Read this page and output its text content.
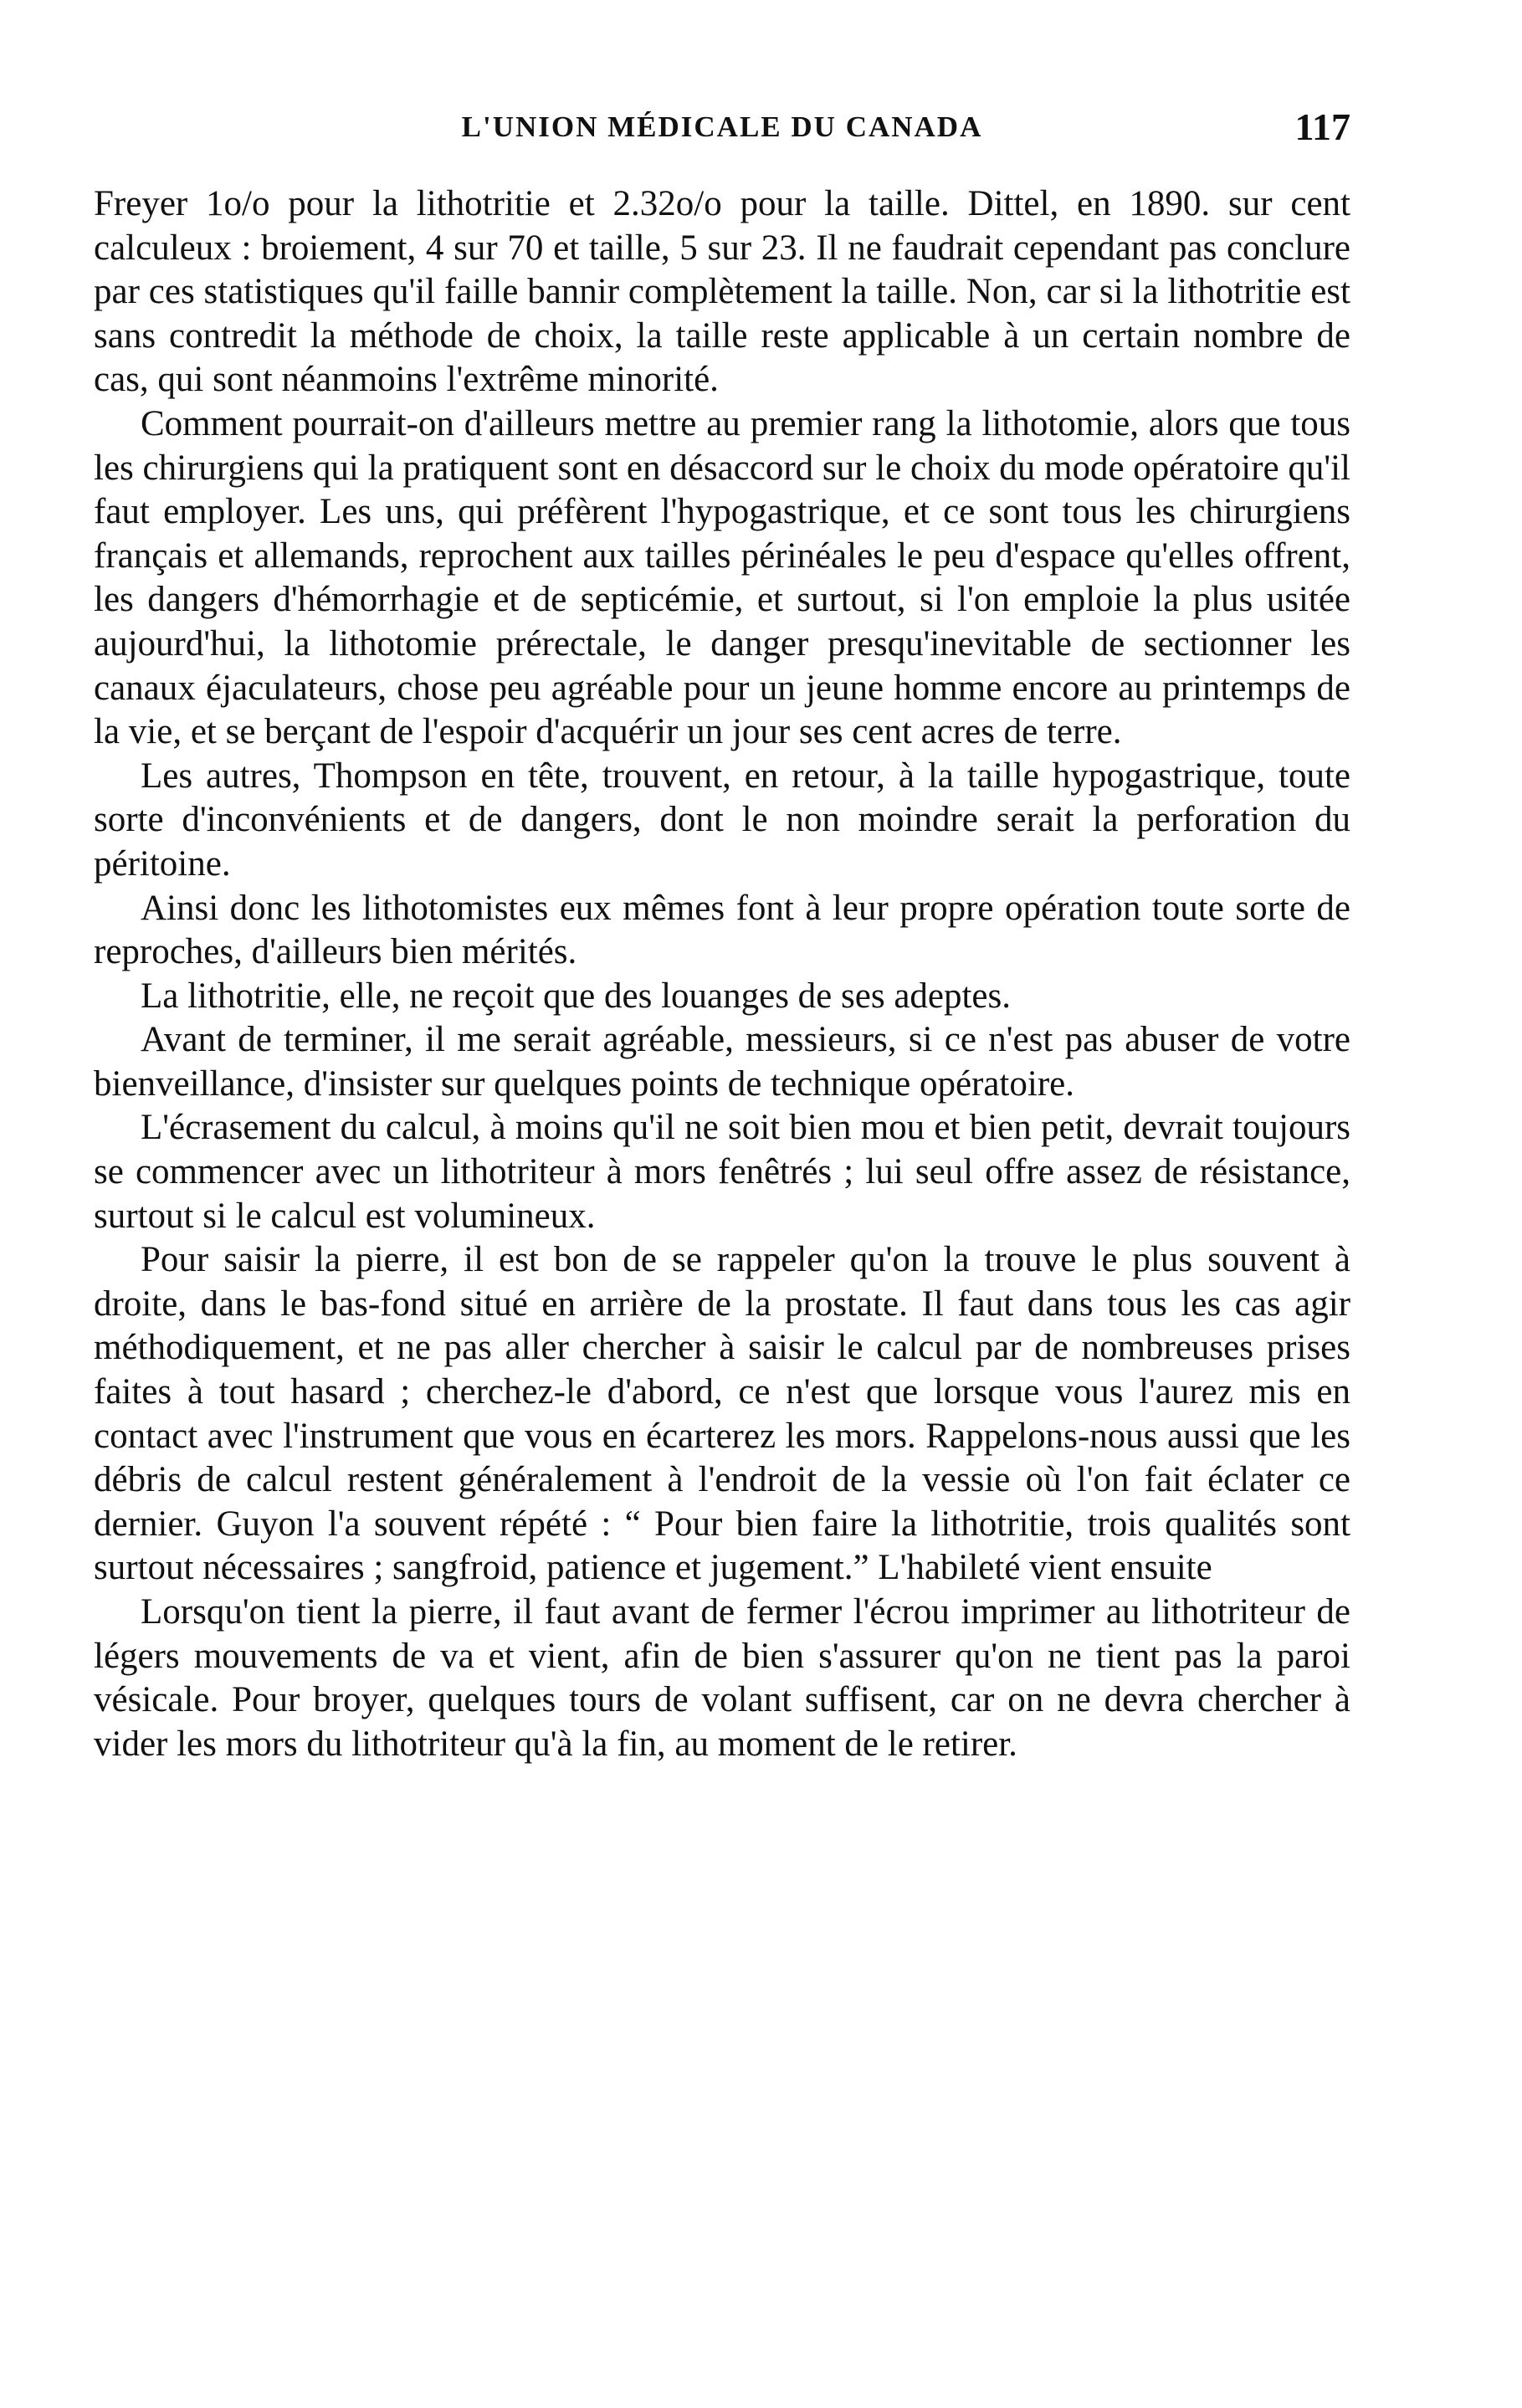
L'UNION MÉDICALE DU CANADA	117

Freyer 1o/o pour la lithotritie et 2.32o/o pour la taille. Dittel, en 1890. sur cent calculeux : broiement, 4 sur 70 et taille, 5 sur 23. Il ne faudrait cependant pas conclure par ces statistiques qu'il faille bannir complètement la taille. Non, car si la lithotritie est sans contredit la méthode de choix, la taille reste applicable à un certain nombre de cas, qui sont néanmoins l'extrême minorité.

Comment pourrait-on d'ailleurs mettre au premier rang la lithotomie, alors que tous les chirurgiens qui la pratiquent sont en désaccord sur le choix du mode opératoire qu'il faut employer. Les uns, qui préfèrent l'hypogastrique, et ce sont tous les chirurgiens français et allemands, reprochent aux tailles périnéales le peu d'espace qu'elles offrent, les dangers d'hémorrhagie et de septicémie, et surtout, si l'on emploie la plus usitée aujourd'hui, la lithotomie prérectale, le danger presqu'inevitable de sectionner les canaux éjaculateurs, chose peu agréable pour un jeune homme encore au printemps de la vie, et se berçant de l'espoir d'acquérir un jour ses cent acres de terre.

Les autres, Thompson en tête, trouvent, en retour, à la taille hypogastrique, toute sorte d'inconvénients et de dangers, dont le non moindre serait la perforation du péritoine.

Ainsi donc les lithotomistes eux mêmes font à leur propre opération toute sorte de reproches, d'ailleurs bien mérités.

La lithotritie, elle, ne reçoit que des louanges de ses adeptes.

Avant de terminer, il me serait agréable, messieurs, si ce n'est pas abuser de votre bienveillance, d'insister sur quelques points de technique opératoire.

L'écrasement du calcul, à moins qu'il ne soit bien mou et bien petit, devrait toujours se commencer avec un lithotriteur à mors fenêtrés ; lui seul offre assez de résistance, surtout si le calcul est volumineux.

Pour saisir la pierre, il est bon de se rappeler qu'on la trouve le plus souvent à droite, dans le bas-fond situé en arrière de la prostate. Il faut dans tous les cas agir méthodiquement, et ne pas aller chercher à saisir le calcul par de nombreuses prises faites à tout hasard ; cherchez-le d'abord, ce n'est que lorsque vous l'aurez mis en contact avec l'instrument que vous en écarterez les mors. Rappelons-nous aussi que les débris de calcul restent généralement à l'endroit de la vessie où l'on fait éclater ce dernier. Guyon l'a souvent répété : “ Pour bien faire la lithotritie, trois qualités sont surtout nécessaires ; sangfroid, patience et jugement.” L'habileté vient ensuite

Lorsqu'on tient la pierre, il faut avant de fermer l'écrou imprimer au lithotriteur de légers mouvements de va et vient, afin de bien s'assurer qu'on ne tient pas la paroi vésicale. Pour broyer, quelques tours de volant suffisent, car on ne devra chercher à vider les mors du lithotriteur qu'à la fin, au moment de le retirer.
